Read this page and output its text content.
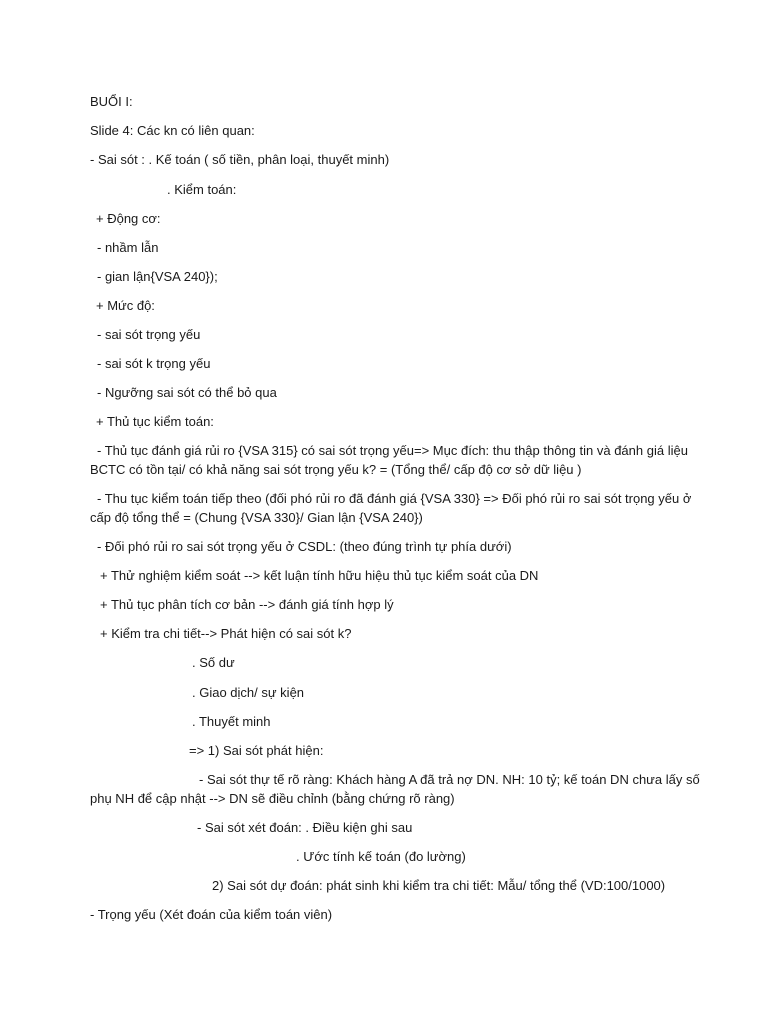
BUỔI I:
Slide 4: Các kn có liên quan:
- Sai sót : . Kế toán ( số tiền, phân loại, thuyết minh)
. Kiểm toán:
+ Động cơ:
- nhầm lẫn
- gian lận{VSA 240});
+ Mức độ:
- sai sót trọng yếu
- sai sót k trọng yếu
- Ngưỡng sai sót có thể bỏ qua
+ Thủ tục kiểm toán:
- Thủ tục đánh giá rủi ro {VSA 315} có sai sót trọng yếu=> Mục đích: thu thập thông tin và đánh giá liệu
BCTC có tồn tại/ có khả năng sai sót trọng yếu k? = (Tổng thể/ cấp độ cơ sở dữ liệu )
- Thu tục kiểm toán tiếp theo (đối phó rủi ro đã đánh giá {VSA 330} => Đối phó rủi ro sai sót trọng yếu ở
cấp độ tổng thể = (Chung {VSA 330}/ Gian lận {VSA 240})
- Đối phó rủi ro sai sót trọng yếu ở CSDL: (theo đúng trình tự phía dưới)
+ Thử nghiệm kiểm soát --> kết luận tính hữu hiệu thủ tục kiểm soát của DN
+ Thủ tục phân tích cơ bản --> đánh giá tính hợp lý
+ Kiểm tra chi tiết--> Phát hiện có sai sót k?
. Số dư
. Giao dịch/ sự kiện
. Thuyết minh
=> 1) Sai sót phát hiện:
- Sai sót thự tế rõ ràng: Khách hàng A đã trả nợ DN. NH: 10 tỷ; kế toán DN chưa lấy số
phụ NH để cập nhật --> DN sẽ điều chỉnh (bằng chứng rõ ràng)
- Sai sót xét đoán: . Điều kiện ghi sau
. Ước tính kế toán (đo lường)
2) Sai sót dự đoán: phát sinh khi kiểm tra chi tiết: Mẫu/ tổng thể (VD:100/1000)
- Trọng yếu (Xét đoán của kiểm toán viên)
